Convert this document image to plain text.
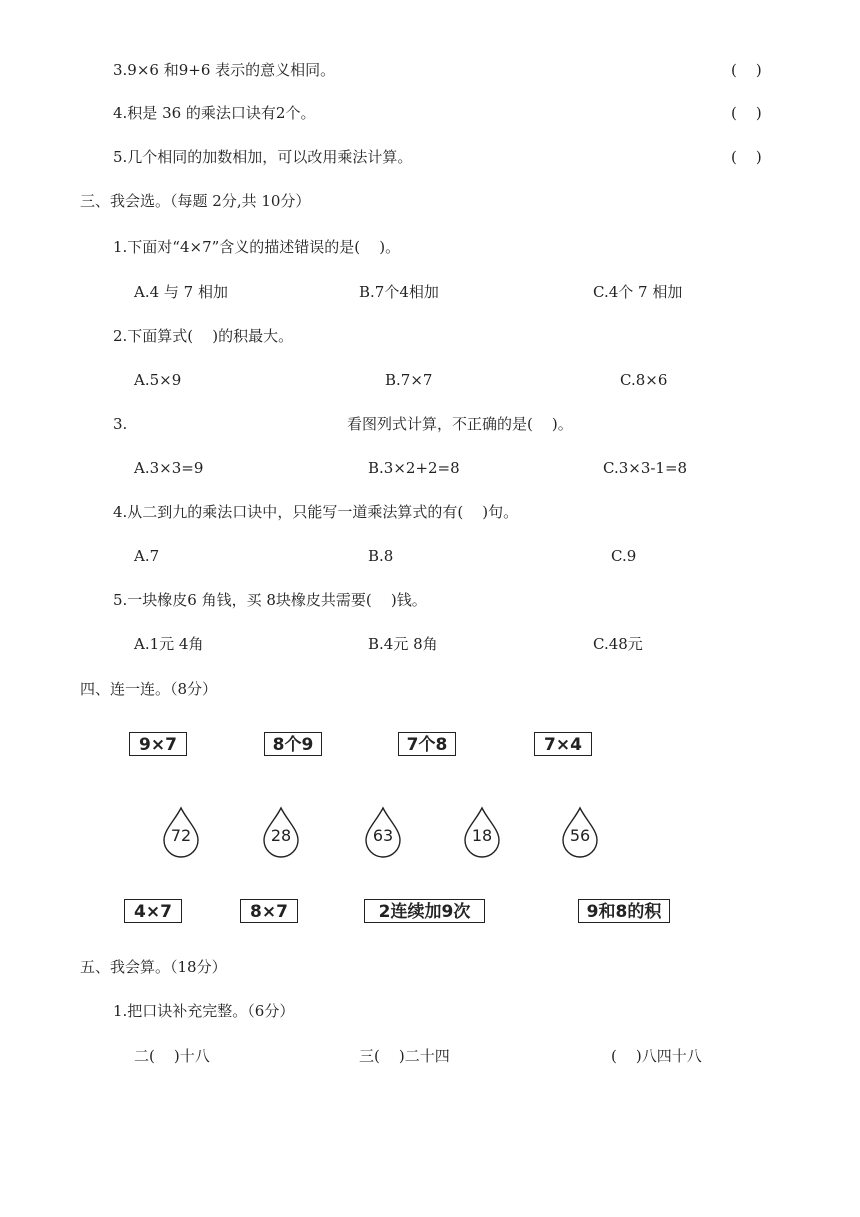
3.9×6 和9+6 表示的意义相同。	(    )
4.积是 36 的乘法口诀有2个。	(    )
5.几个相同的加数相加，可以改用乘法计算。	(    )
三、我会选。（每题 2分,共 10分）
1.下面对“4×7”含义的描述错误的是(    )。
A.4 与 7 相加	B.7个4相加	C.4个 7 相加
2.下面算式(    )的积最大。
A.5×9	B.7×7	C.8×6
3.	看图列式计算，不正确的是(    )。
A.3×3=9	B.3×2+2=8	C.3×3-1=8
4.从二到九的乘法口诀中，只能写一道乘法算式的有(    )句。
A.7	B.8	C.9
5.一块橡皮6 角钱，买 8块橡皮共需要(    )钱。
A.1元 4角	B.4元 8角	C.48元
四、连一连。（8分）
9×7	8个9	7个8	7×4
72	28	63	18	56
4×7	8×7	2连续加9次	9和8的积
五、我会算。（18分）
1.把口诀补充完整。（6分）
二(    )十八	三(    )二十四	(    )八四十八
